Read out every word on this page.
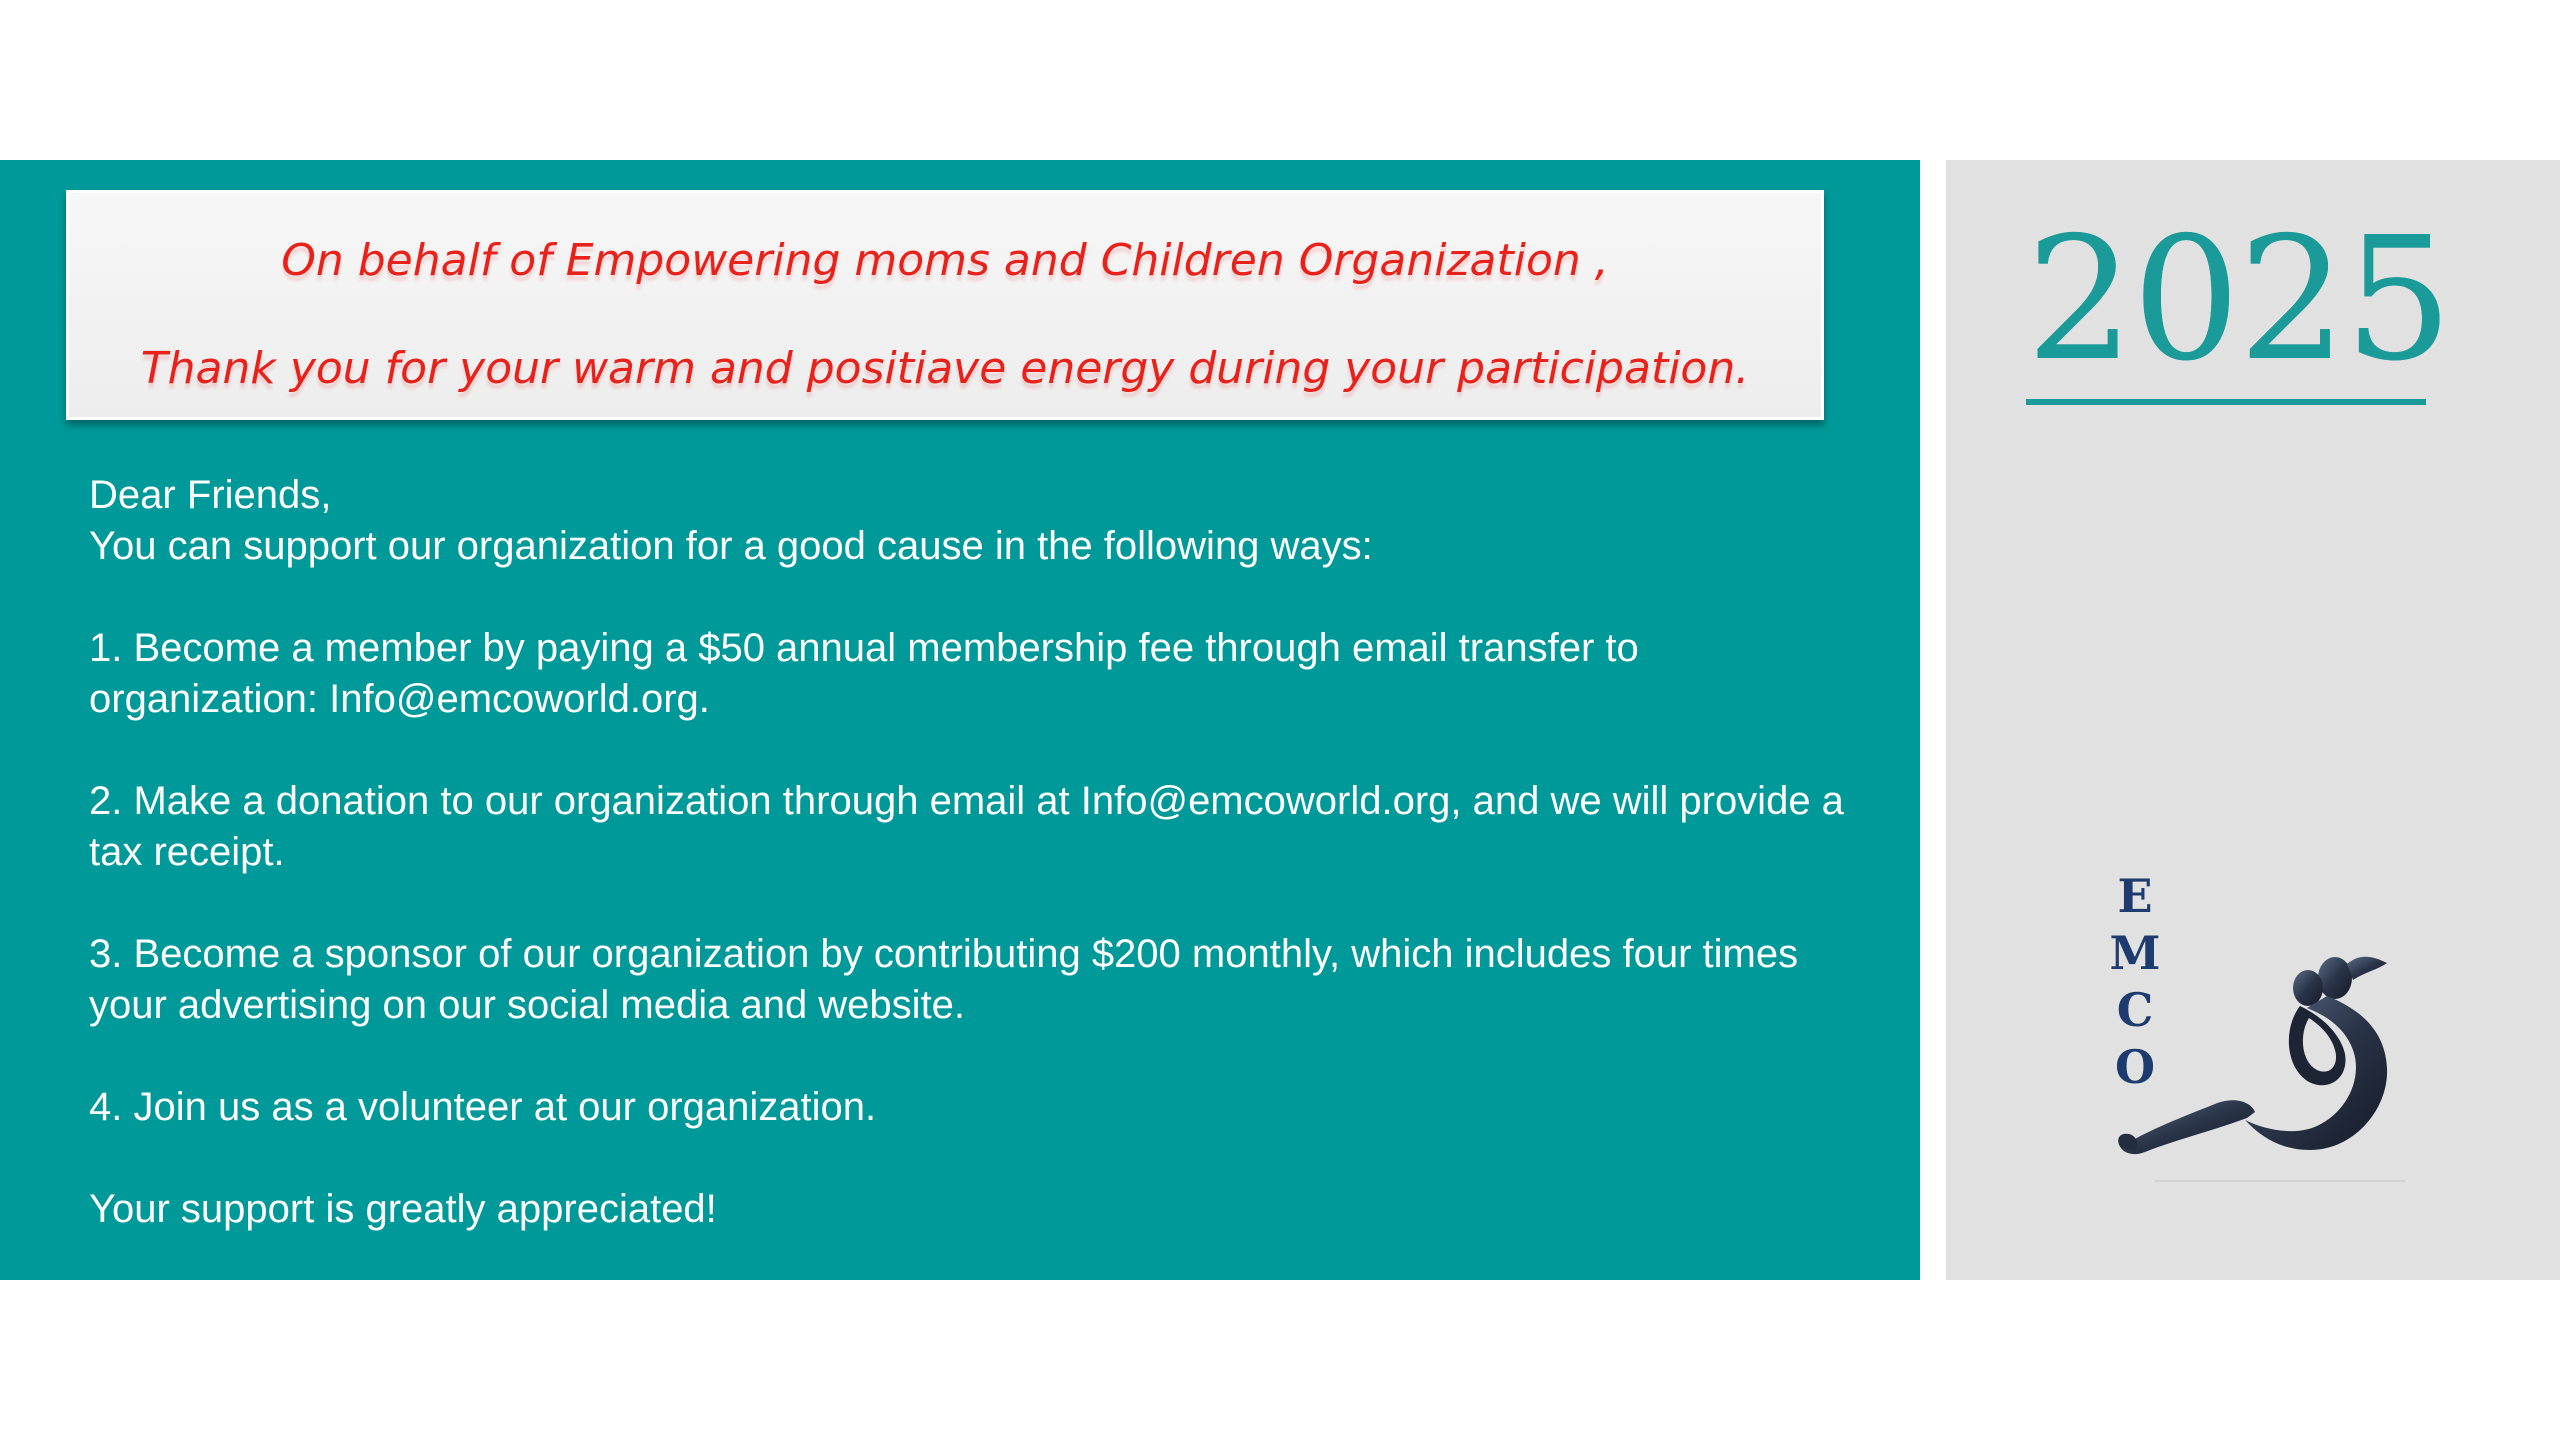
On behalf of Empowering moms and Children Organization ,
Thank you for your warm and positiave energy during your participation.

Dear Friends,

You can support our organization for a good cause in the following ways:

1. Become a member by paying a $50 annual membership fee through email transfer to organization: Info@emcoworld.org.

2. Make a donation to our organization through email at Info@emcoworld.org, and we will provide a tax receipt.

3. Become a sponsor of our organization by contributing $200 monthly, which includes four times your advertising on our social media and website.

4. Join us as a volunteer at our organization.

Your support is greatly appreciated!

2025
E
M
C
O
